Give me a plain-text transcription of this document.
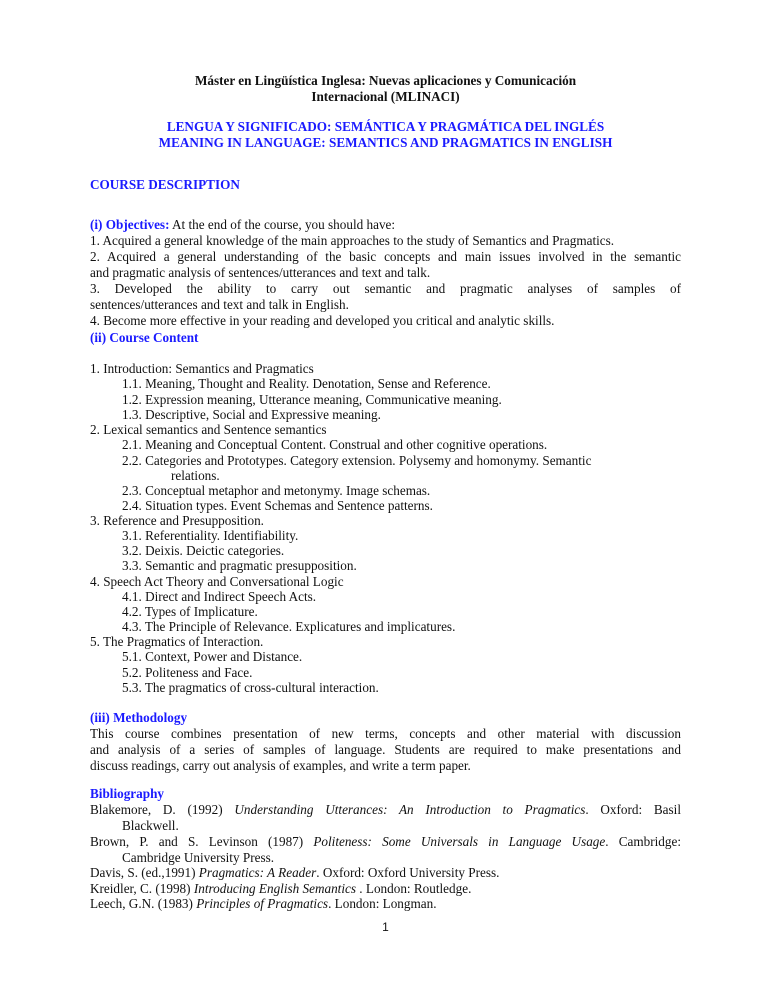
Máster en Lingüística Inglesa: Nuevas aplicaciones y Comunicación
Internacional (MLINACI)
LENGUA Y SIGNIFICADO: SEMÁNTICA Y PRAGMÁTICA DEL INGLÉS
MEANING IN LANGUAGE: SEMANTICS AND PRAGMATICS IN ENGLISH
COURSE DESCRIPTION
(i) Objectives: At the end of the course, you should have:
1. Acquired a general knowledge of the main approaches to the study of Semantics and Pragmatics.
2. Acquired a general understanding of the basic concepts and main issues involved in the semantic
and pragmatic analysis of sentences/utterances and text and talk.
3. Developed the ability to carry out semantic and pragmatic analyses of samples of
sentences/utterances and text and talk in English.
4. Become more effective in your reading and developed you critical and analytic skills.
(ii) Course Content
1. Introduction: Semantics and Pragmatics
1.1. Meaning, Thought and Reality. Denotation, Sense and Reference.
1.2. Expression meaning, Utterance meaning, Communicative meaning.
1.3. Descriptive, Social and Expressive meaning.
2. Lexical semantics and Sentence semantics
2.1. Meaning and Conceptual Content. Construal and other cognitive operations.
2.2. Categories and Prototypes. Category extension. Polysemy and homonymy. Semantic
relations.
2.3. Conceptual metaphor and metonymy. Image schemas.
2.4. Situation types. Event Schemas and Sentence patterns.
3. Reference and Presupposition.
3.1. Referentiality. Identifiability.
3.2. Deixis. Deictic categories.
3.3. Semantic and pragmatic presupposition.
4. Speech Act Theory and Conversational Logic
4.1. Direct and Indirect Speech Acts.
4.2. Types of Implicature.
4.3. The Principle of Relevance. Explicatures and implicatures.
5. The Pragmatics of Interaction.
5.1. Context, Power and Distance.
5.2. Politeness and Face.
5.3. The pragmatics of cross-cultural interaction.
(iii) Methodology
This course combines presentation of new terms, concepts and other material with discussion
and analysis of a series of samples of language. Students are required to make presentations and
discuss readings, carry out analysis of examples, and write a term paper.
Bibliography
Blakemore, D. (1992) Understanding Utterances: An Introduction to Pragmatics. Oxford: Basil
Blackwell.
Brown, P. and S. Levinson (1987) Politeness: Some Universals in Language Usage. Cambridge:
Cambridge University Press.
Davis, S. (ed.,1991) Pragmatics: A Reader. Oxford: Oxford University Press.
Kreidler, C. (1998) Introducing English Semantics . London: Routledge.
Leech, G.N. (1983) Principles of Pragmatics. London: Longman.
1
